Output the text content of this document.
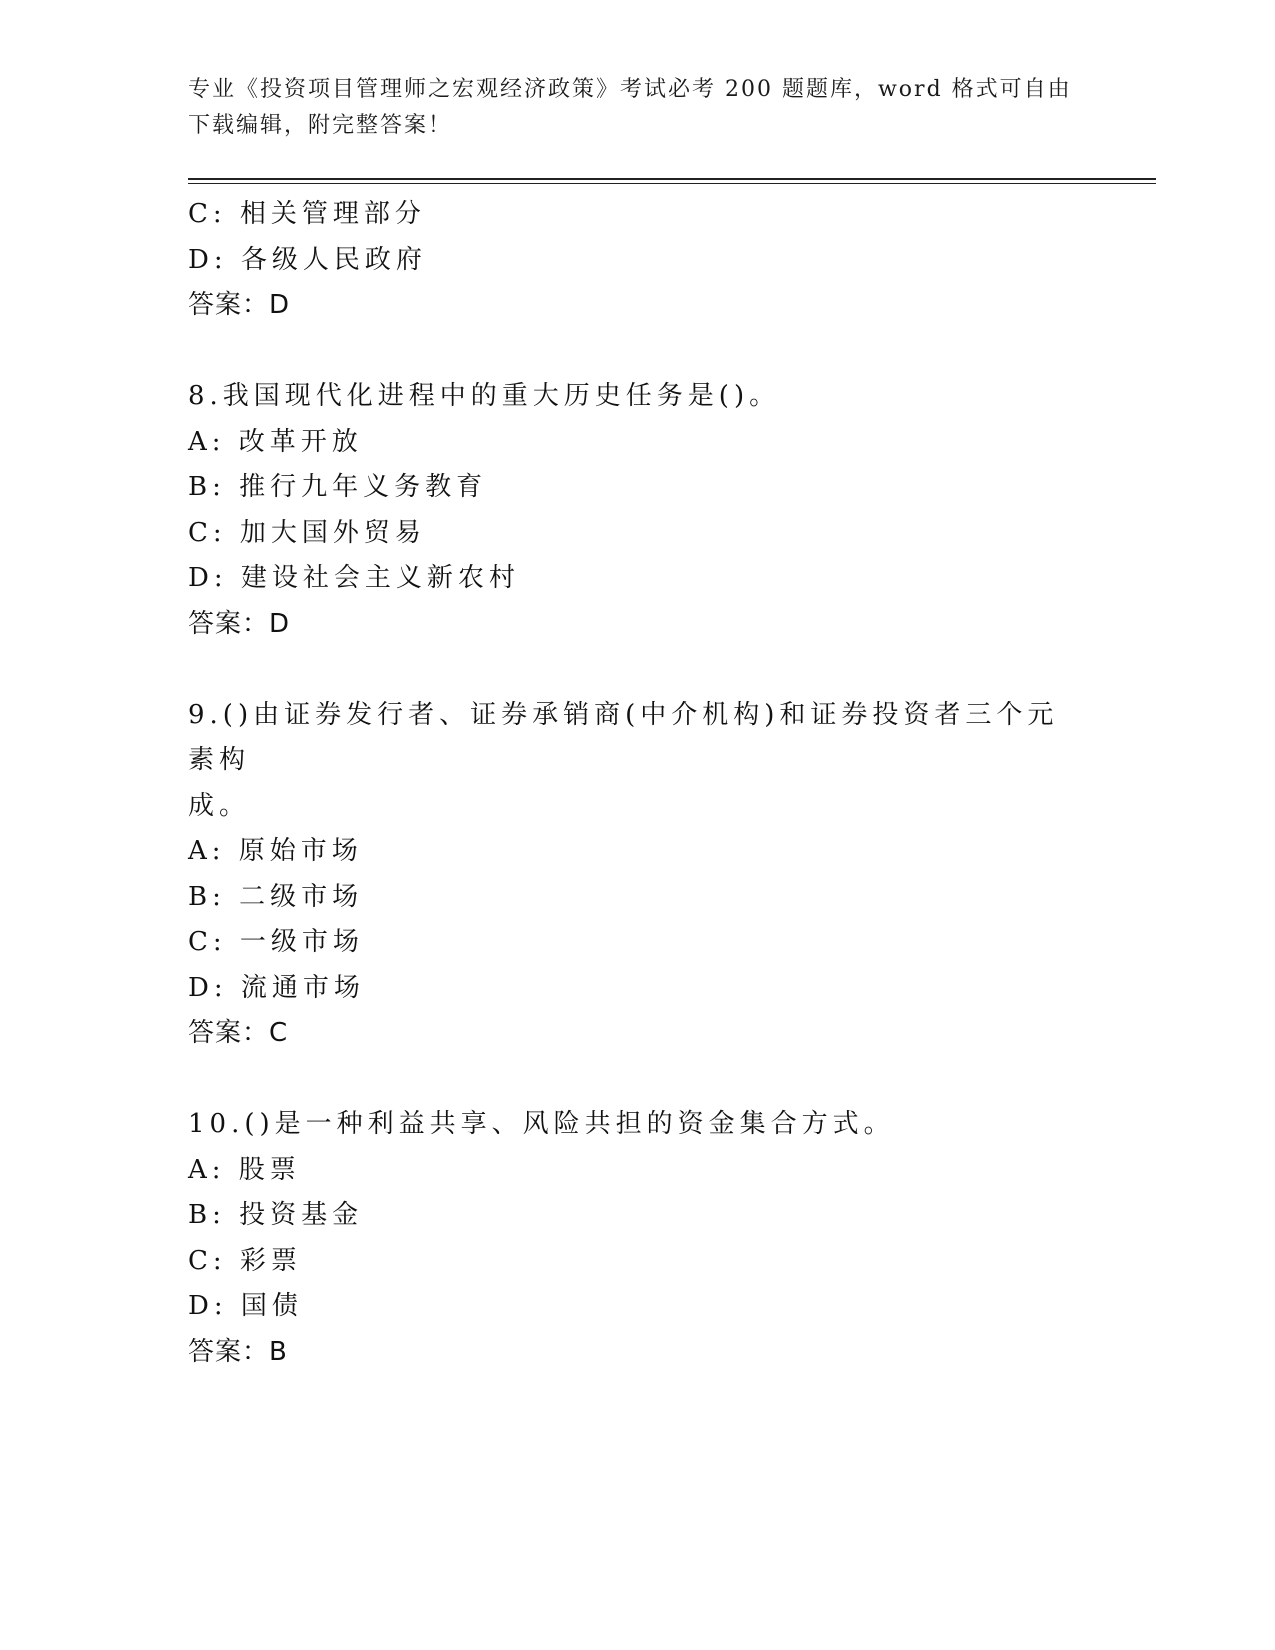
专业《投资项目管理师之宏观经济政策》考试必考 200 题题库，word 格式可自由
下载编辑，附完整答案！

C: 相关管理部分

D: 各级人民政府

答案：D

8.我国现代化进程中的重大历史任务是()。

A: 改革开放

B: 推行九年义务教育

C: 加大国外贸易

D: 建设社会主义新农村

答案：D

9.()由证券发行者、证券承销商(中介机构)和证券投资者三个元素构

成。

A: 原始市场

B: 二级市场

C: 一级市场

D: 流通市场

答案：C

10.()是一种利益共享、风险共担的资金集合方式。

A: 股票

B: 投资基金

C: 彩票

D: 国债

答案：B
